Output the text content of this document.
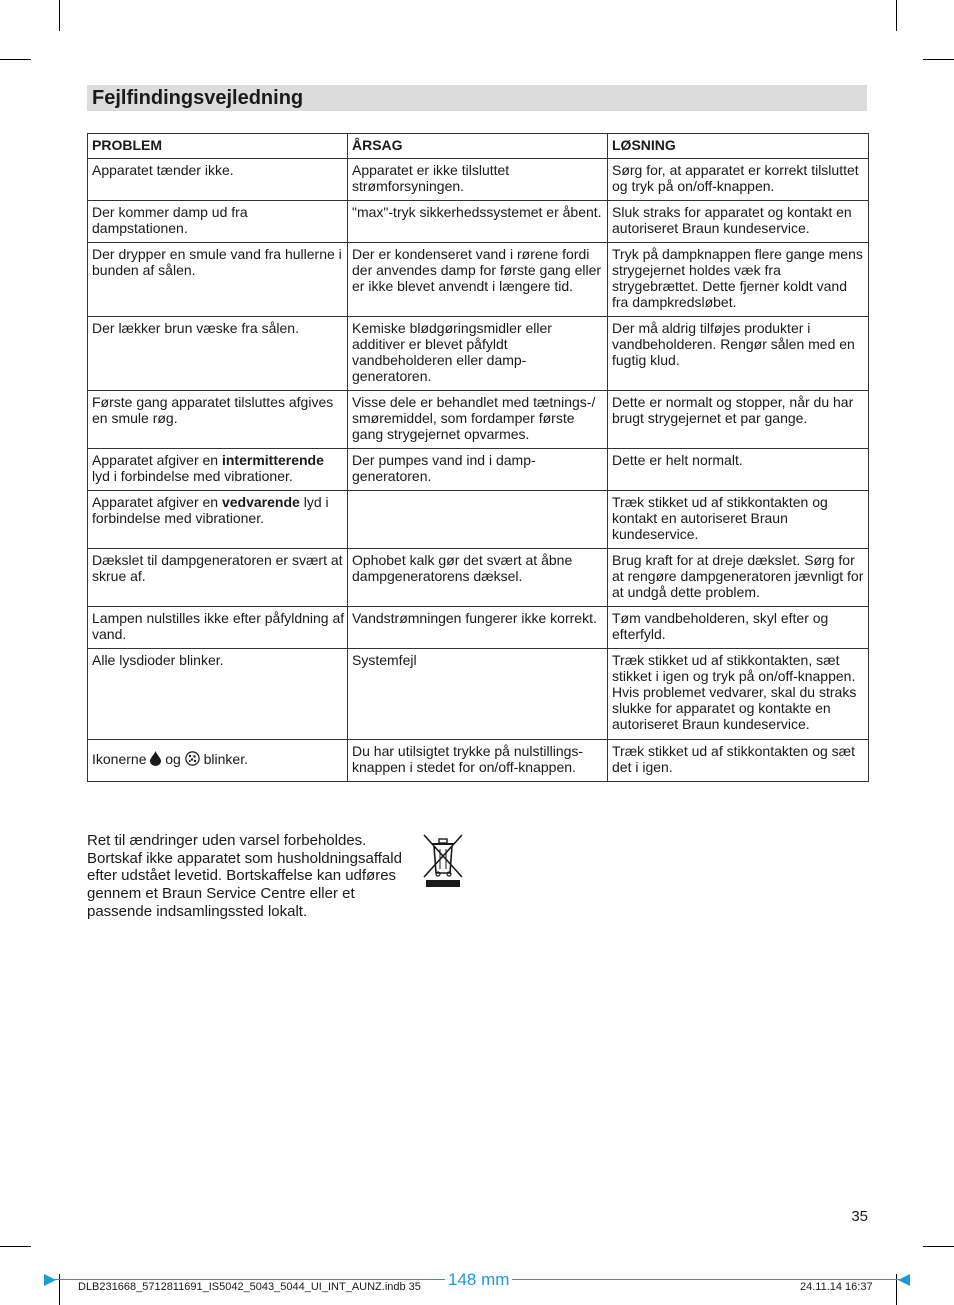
Fejlfindingsvejledning
PROBLEM	ÅRSAG	LØSNING
Apparatet tænder ikke.	Apparatet er ikke tilsluttet strømforsyningen.	Sørg for, at apparatet er korrekt tilsluttet og tryk på on/off-knappen.
Der kommer damp ud fra dampstationen.	"max"-tryk sikkerhedssystemet er åbent.	Sluk straks for apparatet og kontakt en autoriseret Braun kundeservice.
Der drypper en smule vand fra hullerne i bunden af sålen.	Der er kondenseret vand i rørene fordi der anvendes damp for første gang eller er ikke blevet anvendt i længere tid.	Tryk på dampknappen flere gange mens strygejernet holdes væk fra strygebrættet. Dette fjerner koldt vand fra dampkredsløbet.
Der lækker brun væske fra sålen.	Kemiske blødgøringsmidler eller additiver er blevet påfyldt vandbeholderen eller damp-generatoren.	Der må aldrig tilføjes produkter i vandbeholderen. Rengør sålen med en fugtig klud.
Første gang apparatet tilsluttes afgives en smule røg.	Visse dele er behandlet med tætnings-/ smøremiddel, som fordamper første gang strygejernet opvarmes.	Dette er normalt og stopper, når du har brugt strygejernet et par gange.
Apparatet afgiver en intermitterende lyd i forbindelse med vibrationer.	Der pumpes vand ind i damp-generatoren.	Dette er helt normalt.
Apparatet afgiver en vedvarende lyd i forbindelse med vibrationer.		Træk stikket ud af stikkontakten og kontakt en autoriseret Braun kundeservice.
Dækslet til dampgeneratoren er svært at skrue af.	Ophobet kalk gør det svært at åbne dampgeneratorens dæksel.	Brug kraft for at dreje dækslet. Sørg for at rengøre dampgeneratoren jævnligt for at undgå dette problem.
Lampen nulstilles ikke efter påfyldning af vand.	Vandstrømningen fungerer ikke korrekt.	Tøm vandbeholderen, skyl efter og efterfyld.
Alle lysdioder blinker.	Systemfejl	Træk stikket ud af stikkontakten, sæt stikket i igen og tryk på on/off-knappen. Hvis problemet vedvarer, skal du straks slukke for apparatet og kontakte en autoriseret Braun kundeservice.
Ikonerne  og  blinker.	Du har utilsigtet trykke på nulstillings-knappen i stedet for on/off-knappen.	Træk stikket ud af stikkontakten og sæt det i igen.
Ret til ændringer uden varsel forbeholdes. Bortskaf ikke apparatet som husholdningsaffald efter udstået levetid. Bortskaffelse kan udføres gennem et Braun Service Centre eller et passende indsamlingssted lokalt.
35
148 mm
DLB231668_5712811691_IS5042_5043_5044_UI_INT_AUNZ.indb 35	24.11.14 16:37
